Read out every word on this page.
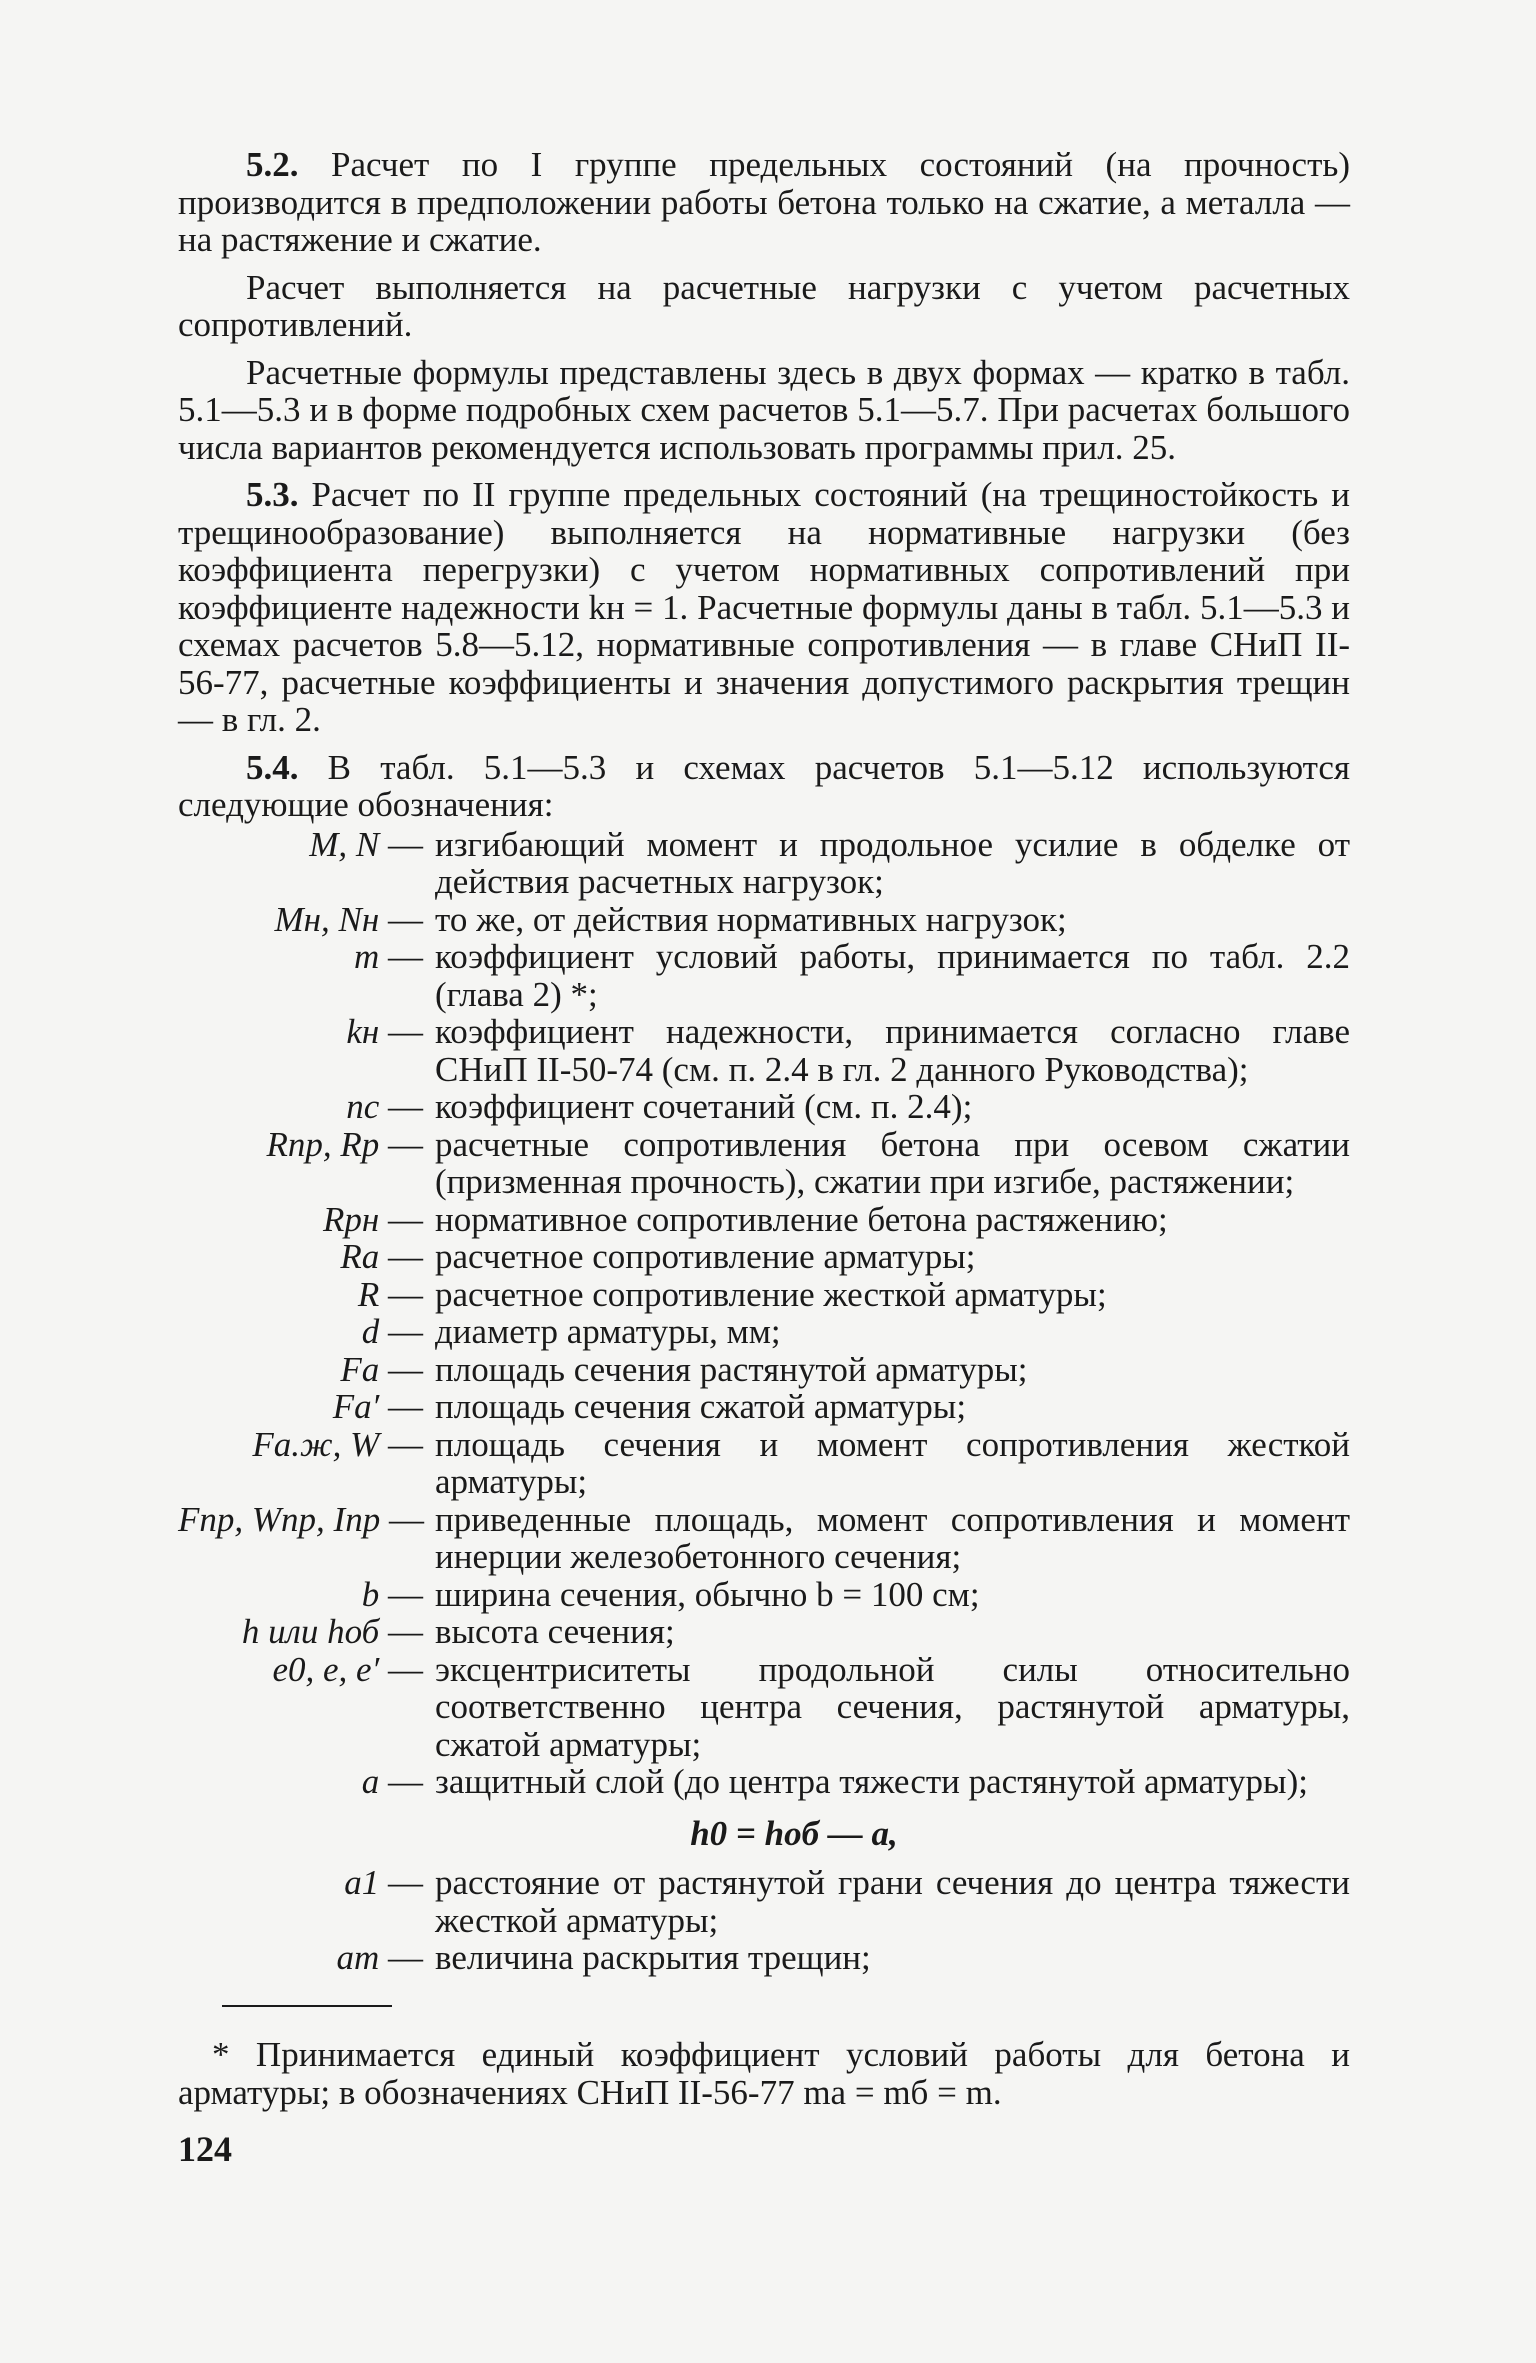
5.2. Расчет по I группе предельных состояний (на прочность) производится в предположении работы бетона только на сжатие, а металла — на растяжение и сжатие.

Расчет выполняется на расчетные нагрузки с учетом расчетных сопротивлений.

Расчетные формулы представлены здесь в двух формах — кратко в табл. 5.1—5.3 и в форме подробных схем расчетов 5.1—5.7. При расчетах большого числа вариантов рекомендуется использовать программы прил. 25.

5.3. Расчет по II группе предельных состояний (на трещиностойкость и трещинообразование) выполняется на нормативные нагрузки (без коэффициента перегрузки) с учетом нормативных сопротивлений при коэффициенте надежности kн = 1. Расчетные формулы даны в табл. 5.1—5.3 и схемах расчетов 5.8—5.12, нормативные сопротивления — в главе СНиП II-56-77, расчетные коэффициенты и значения допустимого раскрытия трещин — в гл. 2.

5.4. В табл. 5.1—5.3 и схемах расчетов 5.1—5.12 используются следующие обозначения:

M, N — изгибающий момент и продольное усилие в обделке от действия расчетных нагрузок;
Mн, Nн — то же, от действия нормативных нагрузок;
m — коэффициент условий работы, принимается по табл. 2.2 (глава 2) *;
kн — коэффициент надежности, принимается согласно главе СНиП II-50-74 (см. п. 2.4 в гл. 2 данного Руководства);
nс — коэффициент сочетаний (см. п. 2.4);
Rпр, Rр — расчетные сопротивления бетона при осевом сжатии (призменная прочность), сжатии при изгибе, растяжении;
Rрн — нормативное сопротивление бетона растяжению;
Rа — расчетное сопротивление арматуры;
R — расчетное сопротивление жесткой арматуры;
d — диаметр арматуры, мм;
Fа — площадь сечения растянутой арматуры;
Fа′ — площадь сечения сжатой арматуры;
Fа.ж, W — площадь сечения и момент сопротивления жесткой арматуры;
Fпр, Wпр, Iпр — приведенные площадь, момент сопротивления и момент инерции железобетонного сечения;
b — ширина сечения, обычно b = 100 см;
h или hоб — высота сечения;
e0, e, e′ — эксцентриситеты продольной силы относительно соответственно центра сечения, растянутой арматуры, сжатой арматуры;
a — защитный слой (до центра тяжести растянутой арматуры);
h0 = hоб — a,
a1 — расстояние от растянутой грани сечения до центра тяжести жесткой арматуры;
aт — величина раскрытия трещин;

* Принимается единый коэффициент условий работы для бетона и арматуры; в обозначениях СНиП II-56-77 mа = mб = m.

124
